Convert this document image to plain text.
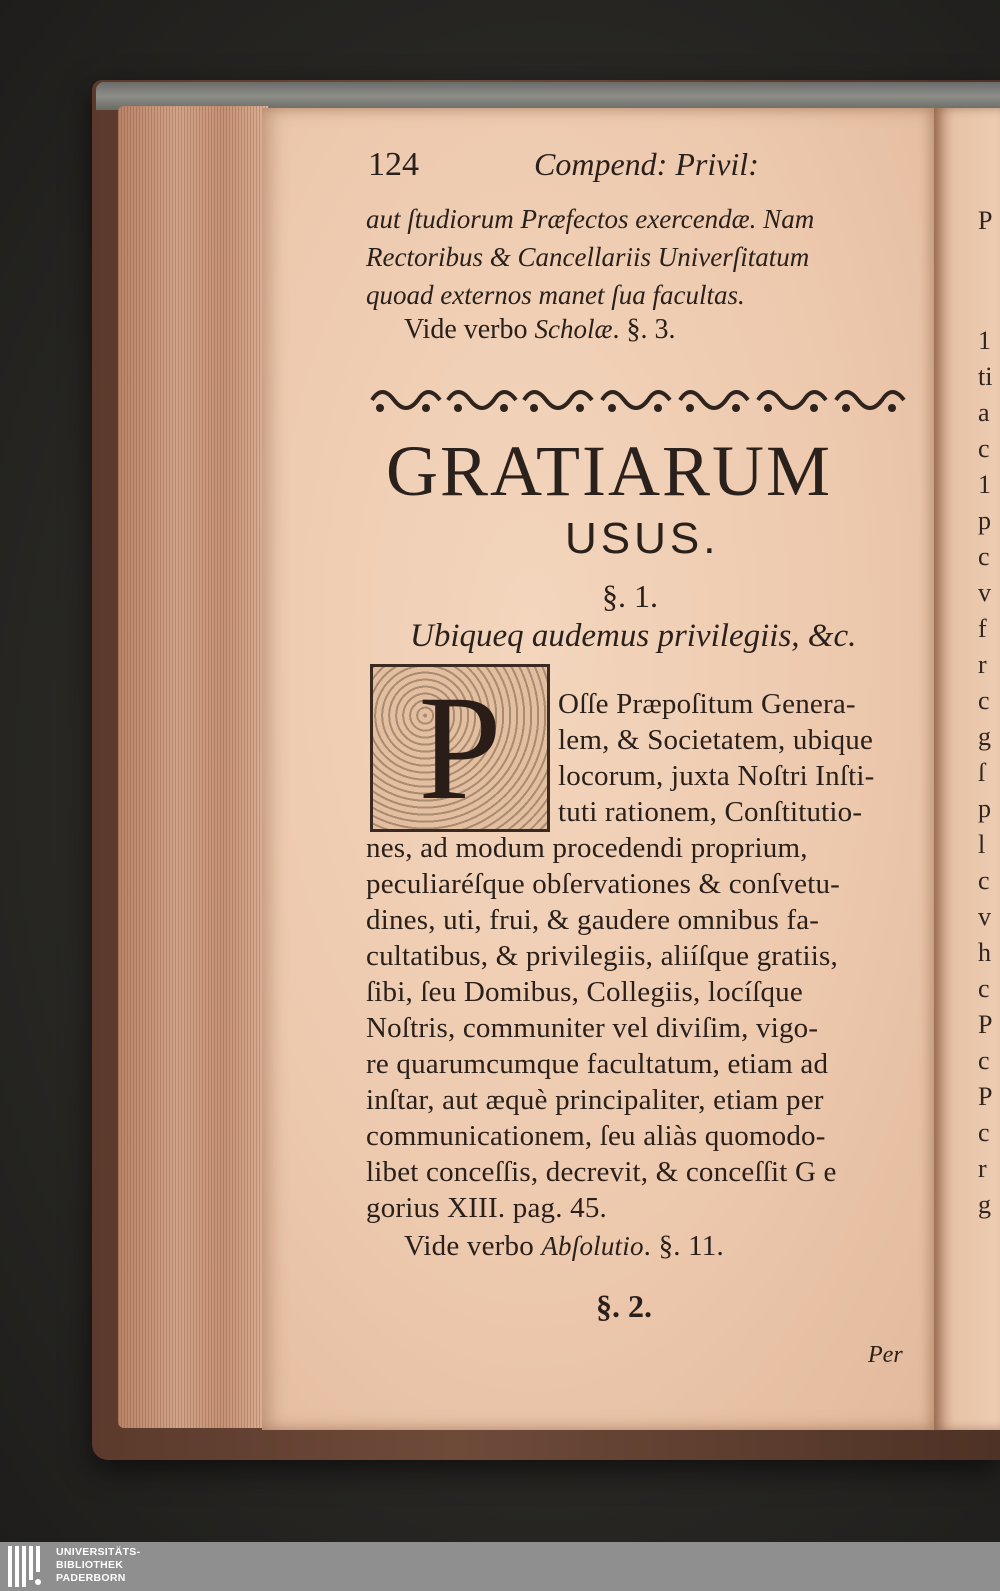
124	Compend: Privil:
aut ſtudiorum Præfectos exercendæ. Nam
Rectoribus & Cancellariis Univerſitatum
quoad externos manet ſua facultas.
Vide verbo Scholæ. §. 3.
GRATIARUM
USUS.
§. 1.
Ubiqueq audemus privilegiis, &c.
P	Oſſe Præpoſitum Genera-
lem, & Societatem, ubique
locorum, juxta Noſtri Inſti-
tuti rationem, Conſtitutio-
nes, ad modum procedendi proprium,
peculiaréſque obſervationes & conſvetu-
dines, uti, frui, & gaudere omnibus fa-
cultatibus, & privilegiis, aliíſque gratiis,
ſibi, ſeu Domibus, Collegiis, locíſque
Noſtris, communiter vel diviſim, vigo-
re quarumcumque facultatum, etiam ad
inſtar, aut æquè principaliter, etiam per
communicationem, ſeu aliàs quomodo-
libet conceſſis, decrevit, & conceſſit G e
gorius XIII. pag. 45.
Vide verbo Abſolutio. §. 11.
§. 2.
Per
P
1
ti
a
c
1
p
c
v
f
r
c
g
ſ
p
l
c
v
h
c
P
c
P
c
r
g
UNIVERSITÄTS-
BIBLIOTHEK
PADERBORN
